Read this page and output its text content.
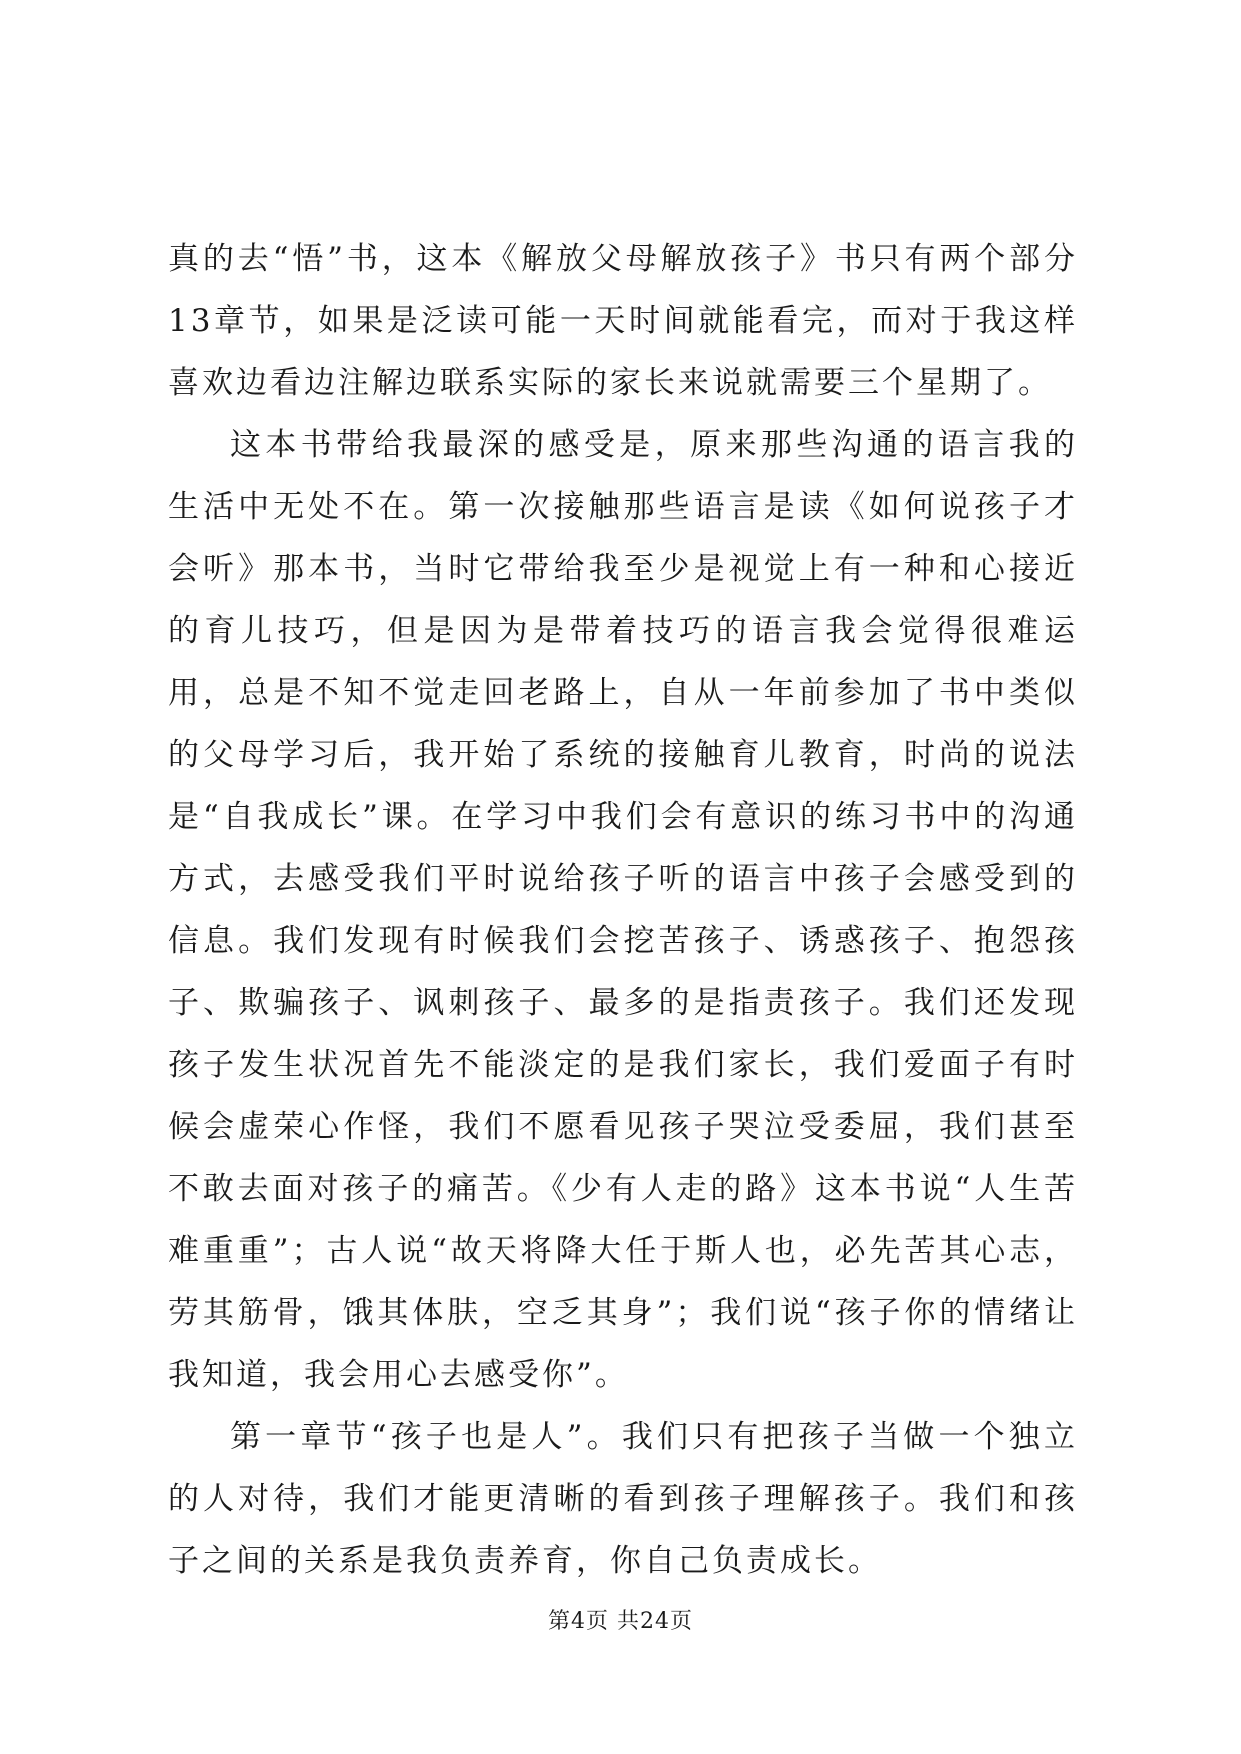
真的去“悟”书，这本《解放父母解放孩子》书只有两个部分13章节，如果是泛读可能一天时间就能看完，而对于我这样喜欢边看边注解边联系实际的家长来说就需要三个星期了。

这本书带给我最深的感受是，原来那些沟通的语言我的生活中无处不在。第一次接触那些语言是读《如何说孩子才会听》那本书，当时它带给我至少是视觉上有一种和心接近的育儿技巧，但是因为是带着技巧的语言我会觉得很难运用，总是不知不觉走回老路上，自从一年前参加了书中类似的父母学习后，我开始了系统的接触育儿教育，时尚的说法是“自我成长”课。在学习中我们会有意识的练习书中的沟通方式，去感受我们平时说给孩子听的语言中孩子会感受到的信息。我们发现有时候我们会挖苦孩子、诱惑孩子、抱怨孩子、欺骗孩子、讽刺孩子、最多的是指责孩子。我们还发现孩子发生状况首先不能淡定的是我们家长，我们爱面子有时候会虚荣心作怪，我们不愿看见孩子哭泣受委屈，我们甚至不敢去面对孩子的痛苦。《少有人走的路》这本书说“人生苦难重重”；古人说“故天将降大任于斯人也，必先苦其心志，劳其筋骨，饿其体肤，空乏其身”；我们说“孩子你的情绪让我知道，我会用心去感受你”。

第一章节“孩子也是人”。我们只有把孩子当做一个独立的人对待，我们才能更清晰的看到孩子理解孩子。我们和孩子之间的关系是我负责养育，你自己负责成长。

第4页 共24页
